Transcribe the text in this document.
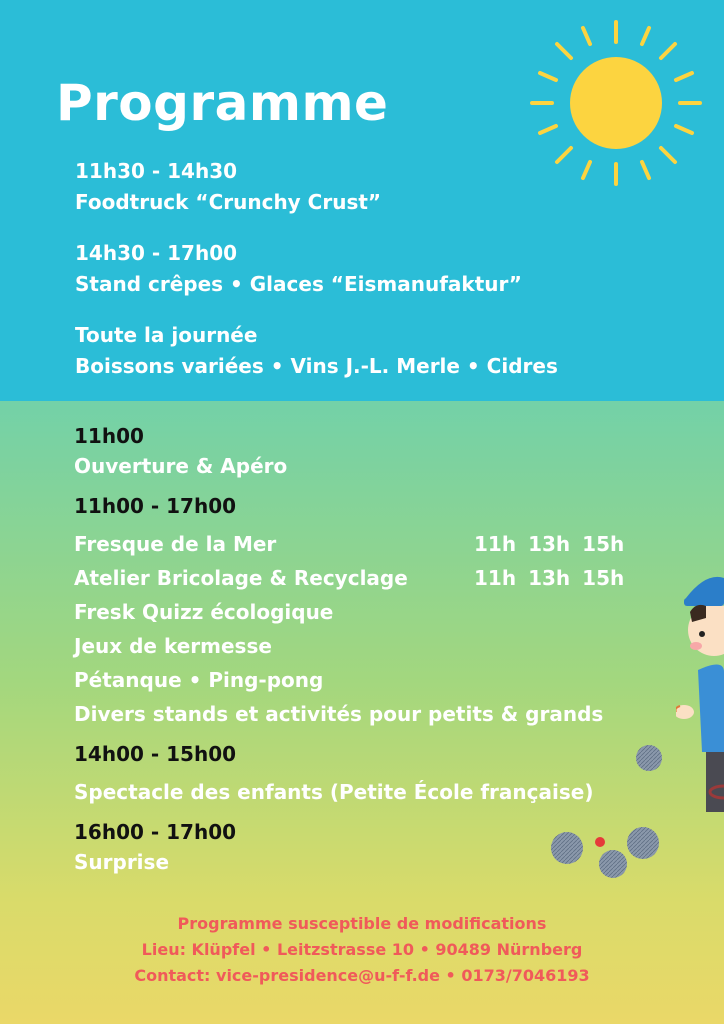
Programme
11h30 - 14h30
Foodtruck “Crunchy Crust”
14h30 - 17h00
Stand crêpes • Glaces “Eismanufaktur”
Toute la journée
Boissons variées • Vins J.-L. Merle • Cidres
11h00
Ouverture & Apéro
11h00 - 17h00
Fresque de la Mer	11h 13h 15h
Atelier Bricolage & Recyclage	11h 13h 15h
Fresk Quizz écologique
Jeux de kermesse
Pétanque • Ping-pong
Divers stands et activités pour petits & grands
14h00 - 15h00
Spectacle des enfants (Petite École française)
16h00 - 17h00
Surprise
Programme susceptible de modifications
Lieu: Klüpfel • Leitzstrasse 10 • 90489 Nürnberg
Contact: vice-presidence@u-f-f.de • 0173/7046193
